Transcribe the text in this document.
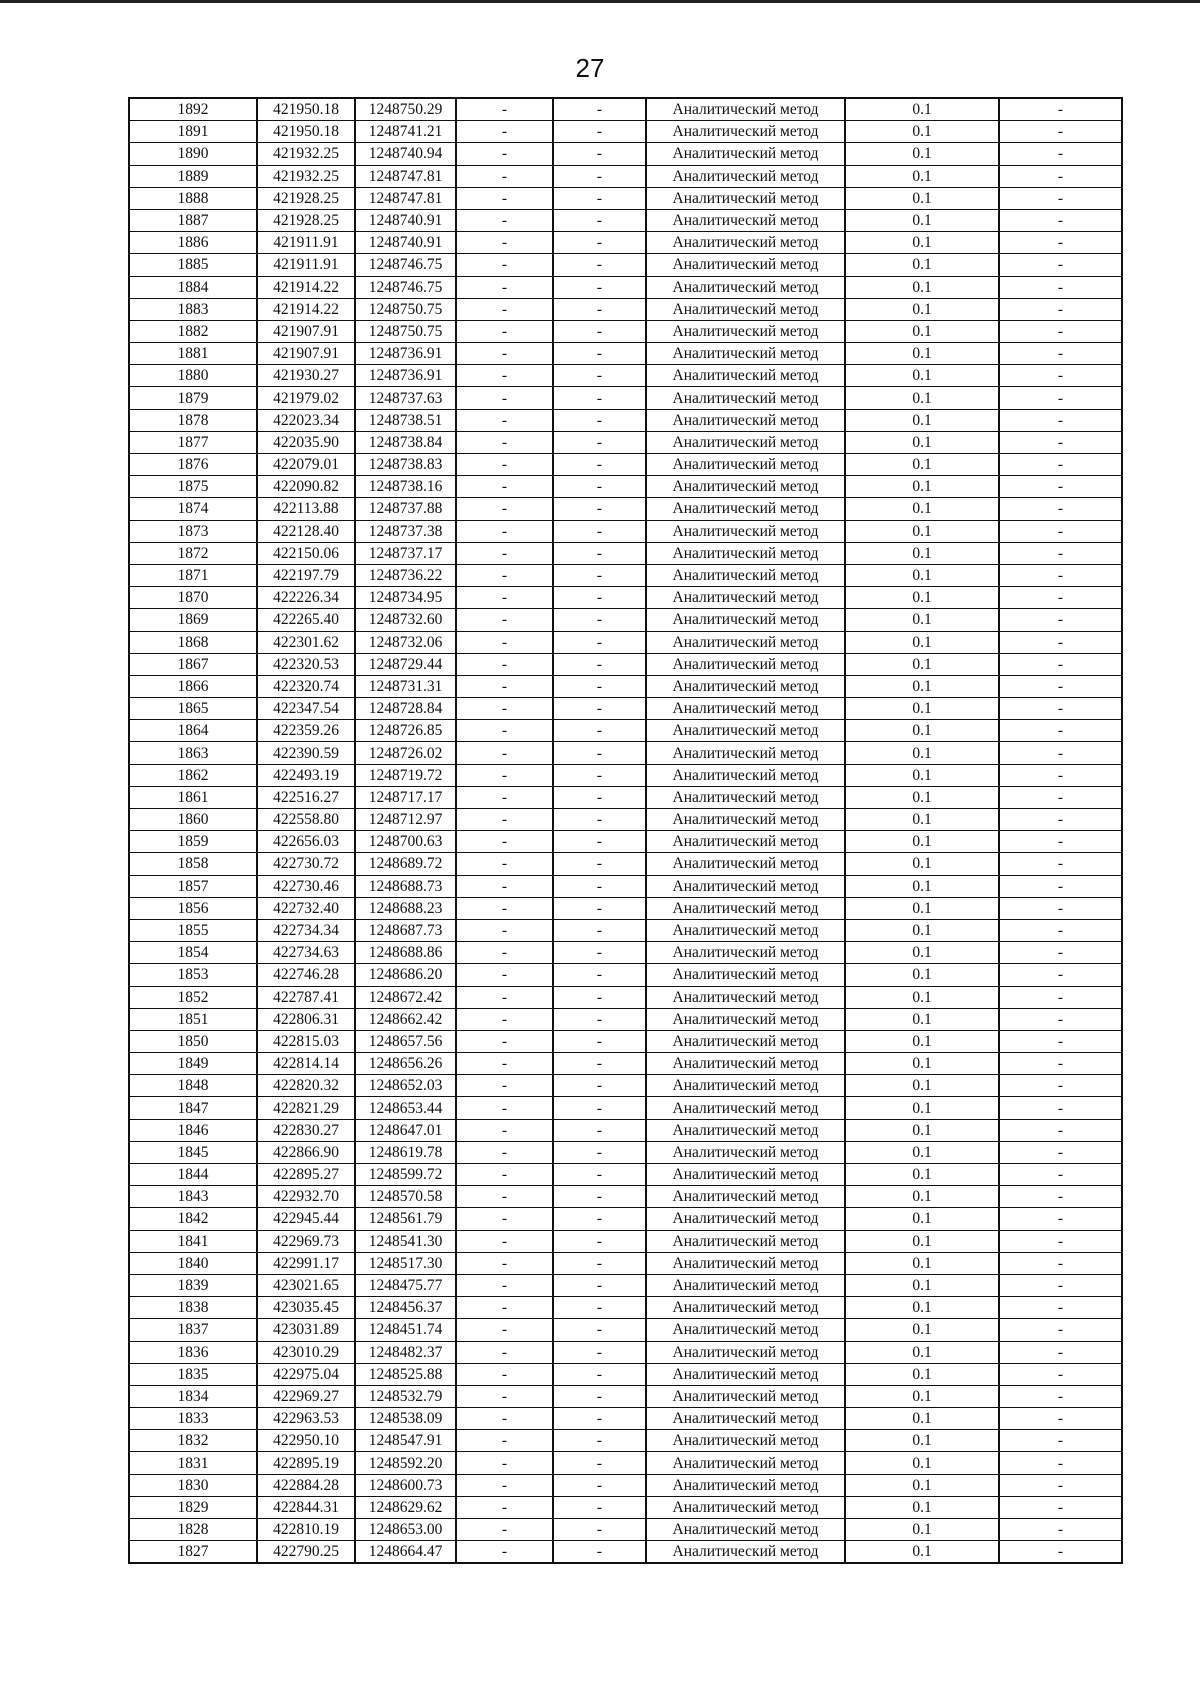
27
1892	421950.18	1248750.29	-	-	Аналитический метод	0.1	-
1891	421950.18	1248741.21	-	-	Аналитический метод	0.1	-
1890	421932.25	1248740.94	-	-	Аналитический метод	0.1	-
1889	421932.25	1248747.81	-	-	Аналитический метод	0.1	-
1888	421928.25	1248747.81	-	-	Аналитический метод	0.1	-
1887	421928.25	1248740.91	-	-	Аналитический метод	0.1	-
1886	421911.91	1248740.91	-	-	Аналитический метод	0.1	-
1885	421911.91	1248746.75	-	-	Аналитический метод	0.1	-
1884	421914.22	1248746.75	-	-	Аналитический метод	0.1	-
1883	421914.22	1248750.75	-	-	Аналитический метод	0.1	-
1882	421907.91	1248750.75	-	-	Аналитический метод	0.1	-
1881	421907.91	1248736.91	-	-	Аналитический метод	0.1	-
1880	421930.27	1248736.91	-	-	Аналитический метод	0.1	-
1879	421979.02	1248737.63	-	-	Аналитический метод	0.1	-
1878	422023.34	1248738.51	-	-	Аналитический метод	0.1	-
1877	422035.90	1248738.84	-	-	Аналитический метод	0.1	-
1876	422079.01	1248738.83	-	-	Аналитический метод	0.1	-
1875	422090.82	1248738.16	-	-	Аналитический метод	0.1	-
1874	422113.88	1248737.88	-	-	Аналитический метод	0.1	-
1873	422128.40	1248737.38	-	-	Аналитический метод	0.1	-
1872	422150.06	1248737.17	-	-	Аналитический метод	0.1	-
1871	422197.79	1248736.22	-	-	Аналитический метод	0.1	-
1870	422226.34	1248734.95	-	-	Аналитический метод	0.1	-
1869	422265.40	1248732.60	-	-	Аналитический метод	0.1	-
1868	422301.62	1248732.06	-	-	Аналитический метод	0.1	-
1867	422320.53	1248729.44	-	-	Аналитический метод	0.1	-
1866	422320.74	1248731.31	-	-	Аналитический метод	0.1	-
1865	422347.54	1248728.84	-	-	Аналитический метод	0.1	-
1864	422359.26	1248726.85	-	-	Аналитический метод	0.1	-
1863	422390.59	1248726.02	-	-	Аналитический метод	0.1	-
1862	422493.19	1248719.72	-	-	Аналитический метод	0.1	-
1861	422516.27	1248717.17	-	-	Аналитический метод	0.1	-
1860	422558.80	1248712.97	-	-	Аналитический метод	0.1	-
1859	422656.03	1248700.63	-	-	Аналитический метод	0.1	-
1858	422730.72	1248689.72	-	-	Аналитический метод	0.1	-
1857	422730.46	1248688.73	-	-	Аналитический метод	0.1	-
1856	422732.40	1248688.23	-	-	Аналитический метод	0.1	-
1855	422734.34	1248687.73	-	-	Аналитический метод	0.1	-
1854	422734.63	1248688.86	-	-	Аналитический метод	0.1	-
1853	422746.28	1248686.20	-	-	Аналитический метод	0.1	-
1852	422787.41	1248672.42	-	-	Аналитический метод	0.1	-
1851	422806.31	1248662.42	-	-	Аналитический метод	0.1	-
1850	422815.03	1248657.56	-	-	Аналитический метод	0.1	-
1849	422814.14	1248656.26	-	-	Аналитический метод	0.1	-
1848	422820.32	1248652.03	-	-	Аналитический метод	0.1	-
1847	422821.29	1248653.44	-	-	Аналитический метод	0.1	-
1846	422830.27	1248647.01	-	-	Аналитический метод	0.1	-
1845	422866.90	1248619.78	-	-	Аналитический метод	0.1	-
1844	422895.27	1248599.72	-	-	Аналитический метод	0.1	-
1843	422932.70	1248570.58	-	-	Аналитический метод	0.1	-
1842	422945.44	1248561.79	-	-	Аналитический метод	0.1	-
1841	422969.73	1248541.30	-	-	Аналитический метод	0.1	-
1840	422991.17	1248517.30	-	-	Аналитический метод	0.1	-
1839	423021.65	1248475.77	-	-	Аналитический метод	0.1	-
1838	423035.45	1248456.37	-	-	Аналитический метод	0.1	-
1837	423031.89	1248451.74	-	-	Аналитический метод	0.1	-
1836	423010.29	1248482.37	-	-	Аналитический метод	0.1	-
1835	422975.04	1248525.88	-	-	Аналитический метод	0.1	-
1834	422969.27	1248532.79	-	-	Аналитический метод	0.1	-
1833	422963.53	1248538.09	-	-	Аналитический метод	0.1	-
1832	422950.10	1248547.91	-	-	Аналитический метод	0.1	-
1831	422895.19	1248592.20	-	-	Аналитический метод	0.1	-
1830	422884.28	1248600.73	-	-	Аналитический метод	0.1	-
1829	422844.31	1248629.62	-	-	Аналитический метод	0.1	-
1828	422810.19	1248653.00	-	-	Аналитический метод	0.1	-
1827	422790.25	1248664.47	-	-	Аналитический метод	0.1	-
